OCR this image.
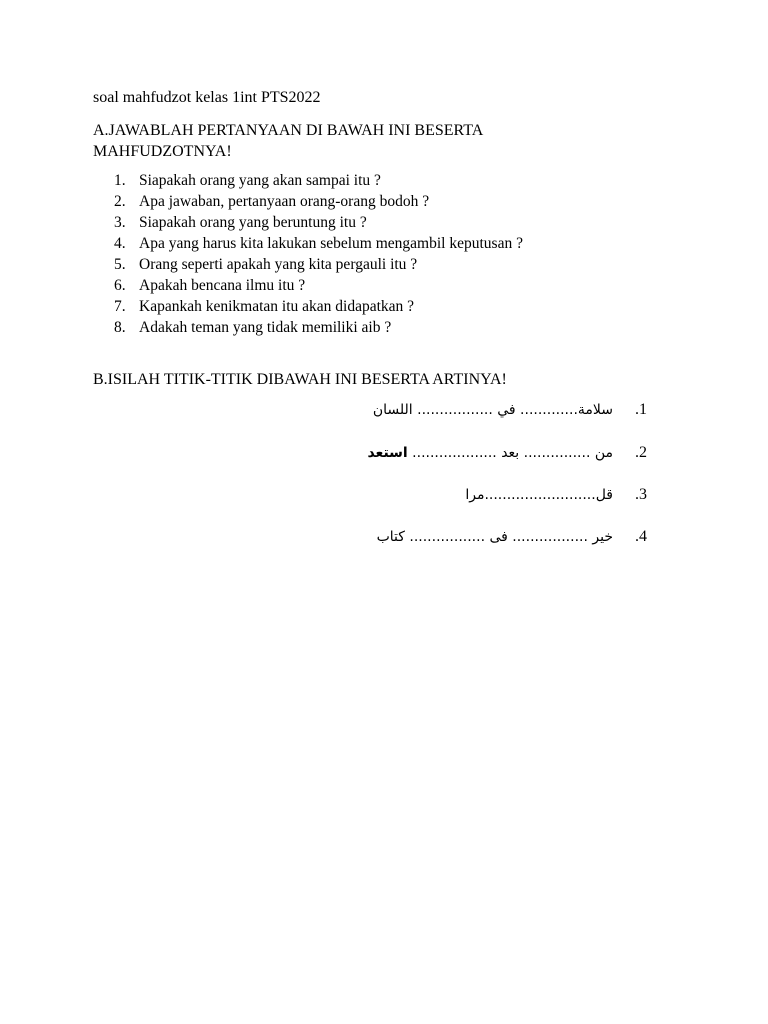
soal mahfudzot kelas 1int PTS2022
A.JAWABLAH PERTANYAAN DI BAWAH INI BESERTA MAHFUDZOTNYA!
1. Siapakah orang yang akan sampai itu ?
2. Apa jawaban, pertanyaan orang-orang bodoh ?
3. Siapakah orang yang beruntung itu ?
4. Apa yang harus kita lakukan sebelum mengambil keputusan ?
5. Orang seperti apakah yang kita pergauli itu ?
6. Apakah bencana ilmu itu ?
7. Kapankah kenikmatan itu akan didapatkan ?
8. Adakah teman yang tidak memiliki aib ?
B.ISILAH TITIK-TITIK DIBAWAH INI BESERTA ARTINYA!
سلامة............. في ................. اللسان	.1
من ............... بعد ................... استعد	.2
قل.........................مرا	.3
خير ................. فى ................. كتاب	.4
